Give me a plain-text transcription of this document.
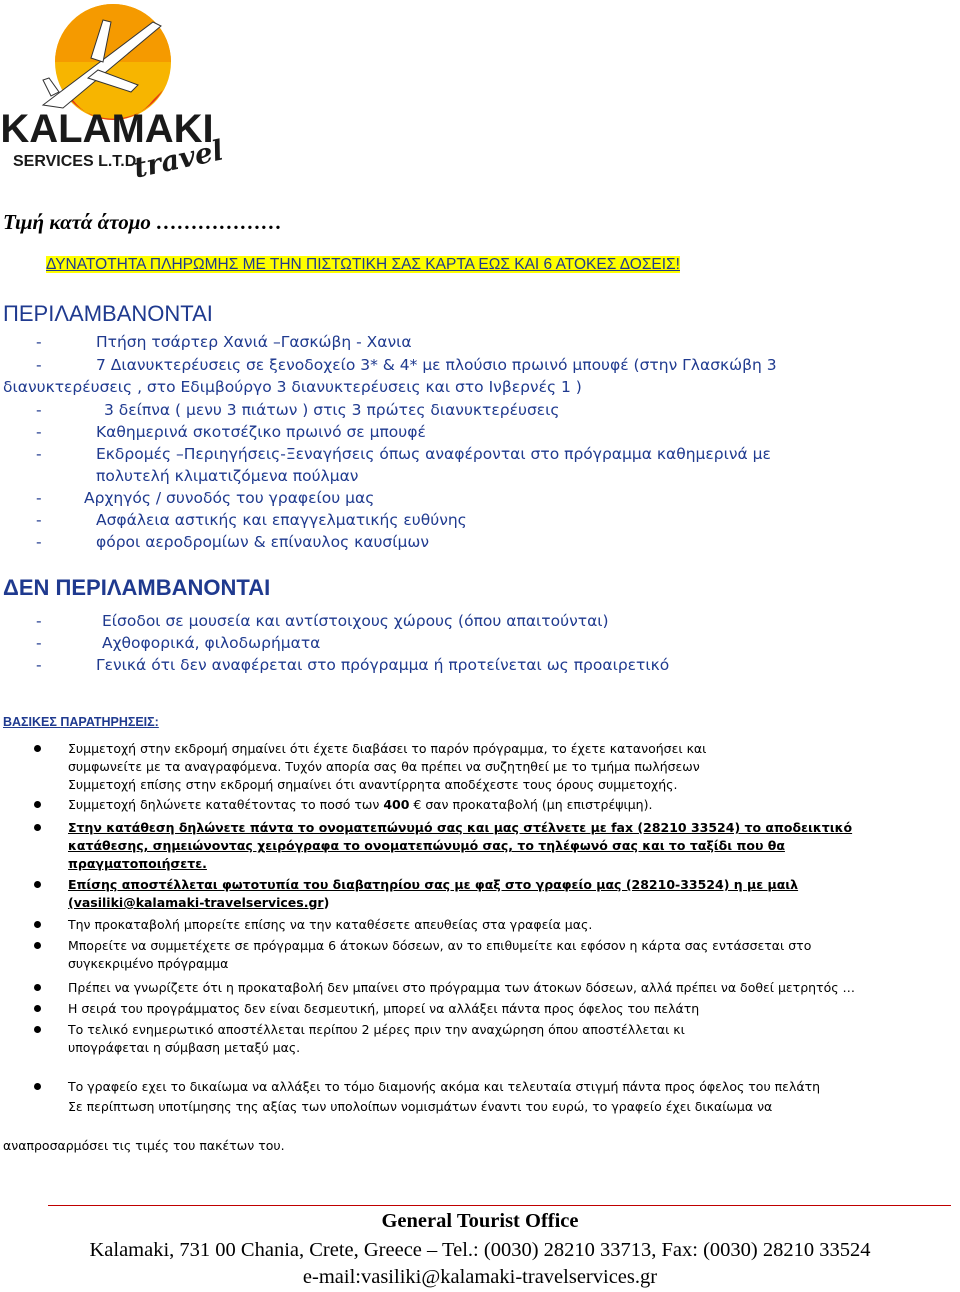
KALAMAKI
SERVICES L.T.D.
travel
Τιμή κατά άτομο ………………
ΔΥΝΑΤΟΤΗΤΑ ΠΛΗΡΩΜΗΣ ΜΕ ΤΗΝ ΠΙΣΤΩΤΙΚΗ ΣΑΣ ΚΑΡΤΑ ΕΩΣ ΚΑΙ 6 ΑΤΟΚΕΣ ΔΟΣΕΙΣ!
ΠΕΡΙΛΑΜΒΑΝΟΝΤΑΙ
-	Πτήση τσάρτερ Χανιά –Γασκώβη - Χανια
-	7 Διανυκτερέυσεις σε ξενοδοχείο 3* & 4* με πλούσιο πρωινό μπουφέ (στην Γλασκώβη 3
διανυκτερέυσεις , στο Εδιμβούργο 3 διανυκτερέυσεις και στο Ινβερνές 1 )
-	3 δείπνα ( μενυ 3 πιάτων ) στις 3 πρώτες διανυκτερέυσεις
-	Καθημερινά σκοτσέζικο πρωινό σε μπουφέ
-	Εκδρομές –Περιηγήσεις-Ξεναγήσεις όπως αναφέρονται στο πρόγραμμα καθημερινά με
πολυτελή κλιματιζόμενα πούλμαν
-	Αρχηγός / συνοδός του γραφείου μας
-	Ασφάλεια αστικής και επαγγελματικής ευθύνης
-	φόροι αεροδρομίων & επίναυλος καυσίμων
ΔΕΝ ΠΕΡΙΛΑΜΒΑΝΟΝΤΑΙ
-	Είσοδοι σε μουσεία και αντίστοιχους χώρους (όπου απαιτούνται)
-	Αχθοφορικά, φιλοδωρήματα
-	Γενικά ότι δεν αναφέρεται στο πρόγραμμα ή προτείνεται ως προαιρετικό
ΒΑΣΙΚΕΣ ΠΑΡΑΤΗΡΗΣΕΙΣ:
Συμμετοχή στην εκδρομή σημαίνει ότι έχετε διαβάσει το παρόν πρόγραμμα, το έχετε κατανοήσει και
συμφωνείτε με τα αναγραφόμενα. Τυχόν απορία σας θα πρέπει να συζητηθεί με το τμήμα πωλήσεων
Συμμετοχή επίσης στην εκδρομή σημαίνει ότι αναντίρρητα αποδέχεστε τους όρους συμμετοχής.
Συμμετοχή δηλώνετε καταθέτοντας το ποσό των 400 € σαν προκαταβολή (μη επιστρέψιμη).
Στην κατάθεση δηλώνετε πάντα το ονοματεπώνυμό σας και μας στέλνετε με fax (28210 33524) το αποδεικτικό
κατάθεσης, σημειώνοντας χειρόγραφα το ονοματεπώνυμό σας, το τηλέφωνό σας και το ταξίδι που θα
πραγματοποιήσετε.
Επίσης αποστέλλεται φωτοτυπία του διαβατηρίου σας με φαξ στο γραφείο μας (28210-33524) η με μαιλ
(vasiliki@kalamaki-travelservices.gr)
Την προκαταβολή μπορείτε επίσης να την καταθέσετε απευθείας στα γραφεία μας.
Μπορείτε να συμμετέχετε σε πρόγραμμα 6 άτοκων δόσεων, αν το επιθυμείτε και εφόσον η κάρτα σας εντάσσεται στο
συγκεκριμένο πρόγραμμα
Πρέπει να γνωρίζετε ότι η προκαταβολή δεν μπαίνει στο πρόγραμμα των άτοκων δόσεων, αλλά πρέπει να δοθεί μετρητός …
Η σειρά του προγράμματος δεν είναι δεσμευτική, μπορεί να αλλάξει πάντα προς όφελος του πελάτη
Το τελικό ενημερωτικό αποστέλλεται περίπου 2 μέρες πριν την αναχώρηση όπου αποστέλλεται κι
υπογράφεται η σύμβαση μεταξύ μας.
Το γραφείο εχει το δικαίωμα να αλλάξει το τόμο διαμονής ακόμα και τελευταία στιγμή πάντα προς όφελος του πελάτη
Σε περίπτωση υποτίμησης της αξίας των υπολοίπων νομισμάτων έναντι του ευρώ, το γραφείο έχει δικαίωμα να
αναπροσαρμόσει τις τιμές του πακέτων του.
General Tourist Office
Kalamaki, 731 00 Chania, Crete, Greece – Tel.: (0030) 28210 33713, Fax: (0030) 28210 33524
e-mail:vasiliki@kalamaki-travelservices.gr
